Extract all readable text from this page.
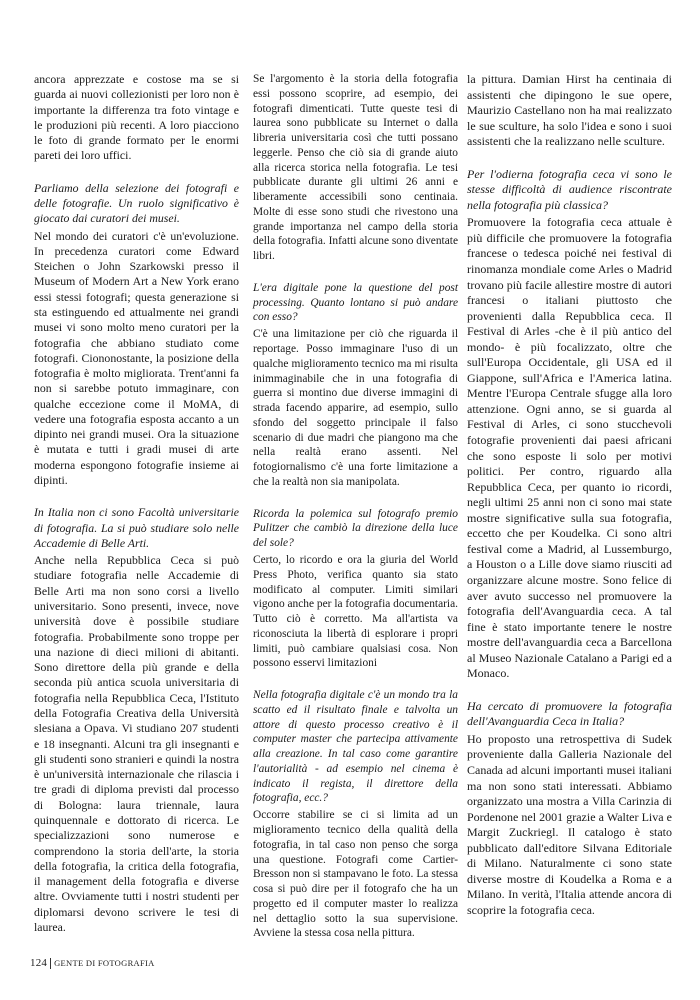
ancora apprezzate e costose ma se si guarda ai nuovi collezionisti per loro non è importante la differenza tra foto vintage e le produzioni più recenti. A loro piacciono le foto di grande formato per le enormi pareti dei loro uffici.

Parliamo della selezione dei fotografi e delle fotografie. Un ruolo significativo è giocato dai curatori dei musei.

Nel mondo dei curatori c'è un'evoluzione. In precedenza curatori come Edward Steichen o John Szarkowski presso il Museum of Modern Art a New York erano essi stessi fotografi; questa generazione si sta estinguendo ed attualmente nei grandi musei vi sono molto meno curatori per la fotografia che abbiano studiato come fotografi. Ciononostante, la posizione della fotografia è molto migliorata. Trent'anni fa non si sarebbe potuto immaginare, con qualche eccezione come il MoMA, di vedere una fotografia esposta accanto a un dipinto nei grandi musei. Ora la situazione è mutata e tutti i gradi musei di arte moderna espongono fotografie insieme ai dipinti.

In Italia non ci sono Facoltà universitarie di fotografia. La si può studiare solo nelle Accademie di Belle Arti.

Anche nella Repubblica Ceca si può studiare fotografia nelle Accademie di Belle Arti ma non sono corsi a livello universitario. Sono presenti, invece, nove università dove è possibile studiare fotografia. Probabilmente sono troppe per una nazione di dieci milioni di abitanti. Sono direttore della più grande e della seconda più antica scuola universitaria di fotografia nella Repubblica Ceca, l'Istituto della Fotografia Creativa della Università slesiana a Opava. Vi studiano 207 studenti e 18 insegnanti. Alcuni tra gli insegnanti e gli studenti sono stranieri e quindi la nostra è un'università internazionale che rilascia i tre gradi di diploma previsti dal processo di Bologna: laura triennale, laura quinquennale e dottorato di ricerca. Le specializzazioni sono numerose e comprendono la storia dell'arte, la storia della fotografia, la critica della fotografia, il management della fotografia e diverse altre. Ovviamente tutti i nostri studenti per diplomarsi devono scrivere le tesi di laurea.

Se l'argomento è la storia della fotografia essi possono scoprire, ad esempio, dei fotografi dimenticati. Tutte queste tesi di laurea sono pubblicate su Internet o dalla libreria universitaria così che tutti possano leggerle. Penso che ciò sia di grande aiuto alla ricerca storica nella fotografia. Le tesi pubblicate durante gli ultimi 26 anni e liberamente accessibili sono centinaia. Molte di esse sono studi che rivestono una grande importanza nel campo della storia della fotografia. Infatti alcune sono diventate libri.

L'era digitale pone la questione del post processing. Quanto lontano si può andare con esso?

C'è una limitazione per ciò che riguarda il reportage. Posso immaginare l'uso di un qualche miglioramento tecnico ma mi risulta inimmaginabile che in una fotografia di guerra si montino due diverse immagini di strada facendo apparire, ad esempio, sullo sfondo del soggetto principale il falso scenario di due madri che piangono ma che nella realtà erano assenti. Nel fotogiornalismo c'è una forte limitazione a che la realtà non sia manipolata.

Ricorda la polemica sul fotografo premio Pulitzer che cambiò la direzione della luce del sole?

Certo, lo ricordo e ora la giuria del World Press Photo, verifica quanto sia stato modificato al computer. Limiti similari vigono anche per la fotografia documentaria. Tutto ciò è corretto. Ma all'artista va riconosciuta la libertà di esplorare i propri limiti, può cambiare qualsiasi cosa. Non possono esservi limitazioni

Nella fotografia digitale c'è un mondo tra la scatto ed il risultato finale e talvolta un attore di questo processo creativo è il computer master che partecipa attivamente alla creazione. In tal caso come garantire l'autorialità - ad esempio nel cinema è indicato il regista, il direttore della fotografia, ecc.?

Occorre stabilire se ci si limita ad un miglioramento tecnico della qualità della fotografia, in tal caso non penso che sorga una questione. Fotografi come Cartier-Bresson non si stampavano le foto. La stessa cosa si può dire per il fotografo che ha un progetto ed il computer master lo realizza nel dettaglio sotto la sua supervisione. Avviene la stessa cosa nella pittura.

la pittura. Damian Hirst ha centinaia di assistenti che dipingono le sue opere, Maurizio Castellano non ha mai realizzato le sue sculture, ha solo l'idea e sono i suoi assistenti che la realizzano nelle sculture.

Per l'odierna fotografia ceca vi sono le stesse difficoltà di audience riscontrate nella fotografia più classica?

Promuovere la fotografia ceca attuale è più difficile che promuovere la fotografia francese o tedesca poiché nei festival di rinomanza mondiale come Arles o Madrid trovano più facile allestire mostre di autori francesi o italiani piuttosto che provenienti dalla Repubblica ceca. Il Festival di Arles -che è il più antico del mondo- è più focalizzato, oltre che sull'Europa Occidentale, gli USA ed il Giappone, sull'Africa e l'America latina. Mentre l'Europa Centrale sfugge alla loro attenzione. Ogni anno, se si guarda al Festival di Arles, ci sono stucchevoli fotografie provenienti dai paesi africani che sono esposte li solo per motivi politici. Per contro, riguardo alla Repubblica Ceca, per quanto io ricordi, negli ultimi 25 anni non ci sono mai state mostre significative sulla sua fotografia, eccetto che per Koudelka. Ci sono altri festival come a Madrid, al Lussemburgo, a Houston o a Lille dove siamo riusciti ad organizzare alcune mostre. Sono felice di aver avuto successo nel promuovere la fotografia dell'Avanguardia ceca. A tal fine è stato importante tenere le nostre mostre dell'avanguardia ceca a Barcellona al Museo Nazionale Catalano a Parigi ed a Monaco.

Ha cercato di promuovere la fotografia dell'Avanguardia Ceca in Italia?

Ho proposto una retrospettiva di Sudek proveniente dalla Galleria Nazionale del Canada ad alcuni importanti musei italiani ma non sono stati interessati. Abbiamo organizzato una mostra a Villa Carinzia di Pordenone nel 2001 grazie a Walter Liva e Margit Zuckriegl. Il catalogo è stato pubblicato dall'editore Silvana Editoriale di Milano. Naturalmente ci sono state diverse mostre di Koudelka a Roma e a Milano. In verità, l'Italia attende ancora di scoprire la fotografia ceca.

124 GENTE DI FOTOGRAFIA
